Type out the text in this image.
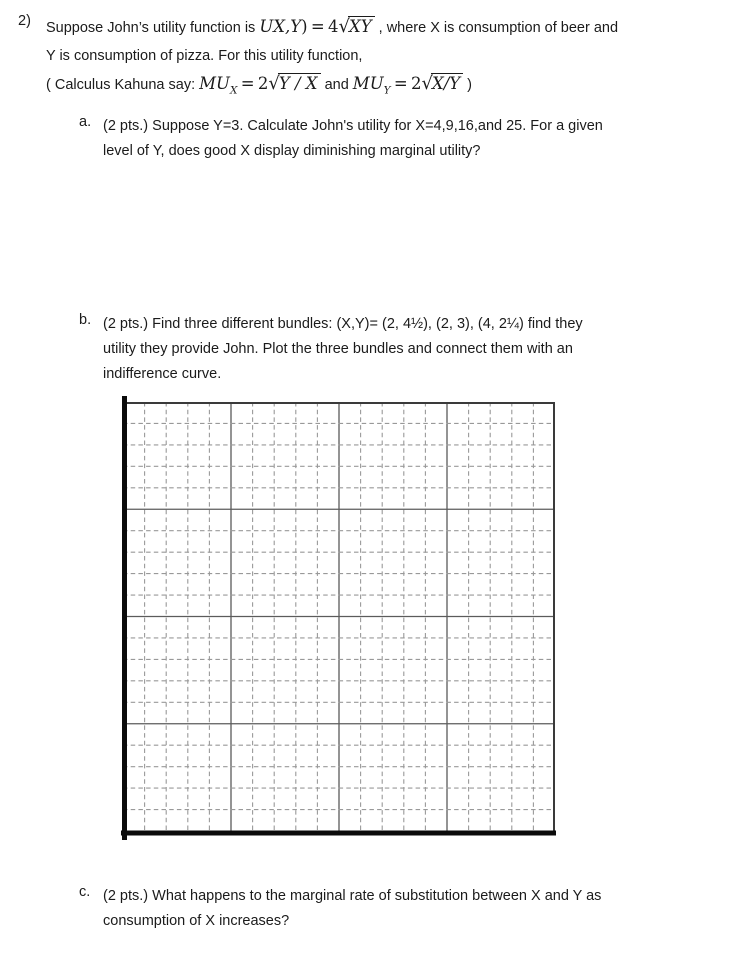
2)	Suppose John’s utility function is UX,Y) = 4√XY , where X is consumption of beer and
Y is consumption of pizza. For this utility function,
( Calculus Kahuna say: $MU_X = 2√Y / X$ and $MU_Y = 2√X/Y$ )
a. (2 pts.) Suppose Y=3. Calculate John's utility for X=4,9,16,and 25. For a given
level of Y, does good X display diminishing marginal utility?
b. (2 pts.) Find three different bundles: (X,Y)= (2, 4½), (2, 3), (4, 2¼) find they
utility they provide John. Plot the three bundles and connect them with an
indifference curve.
c. (2 pts.) What happens to the marginal rate of substitution between X and Y as
consumption of X increases?
